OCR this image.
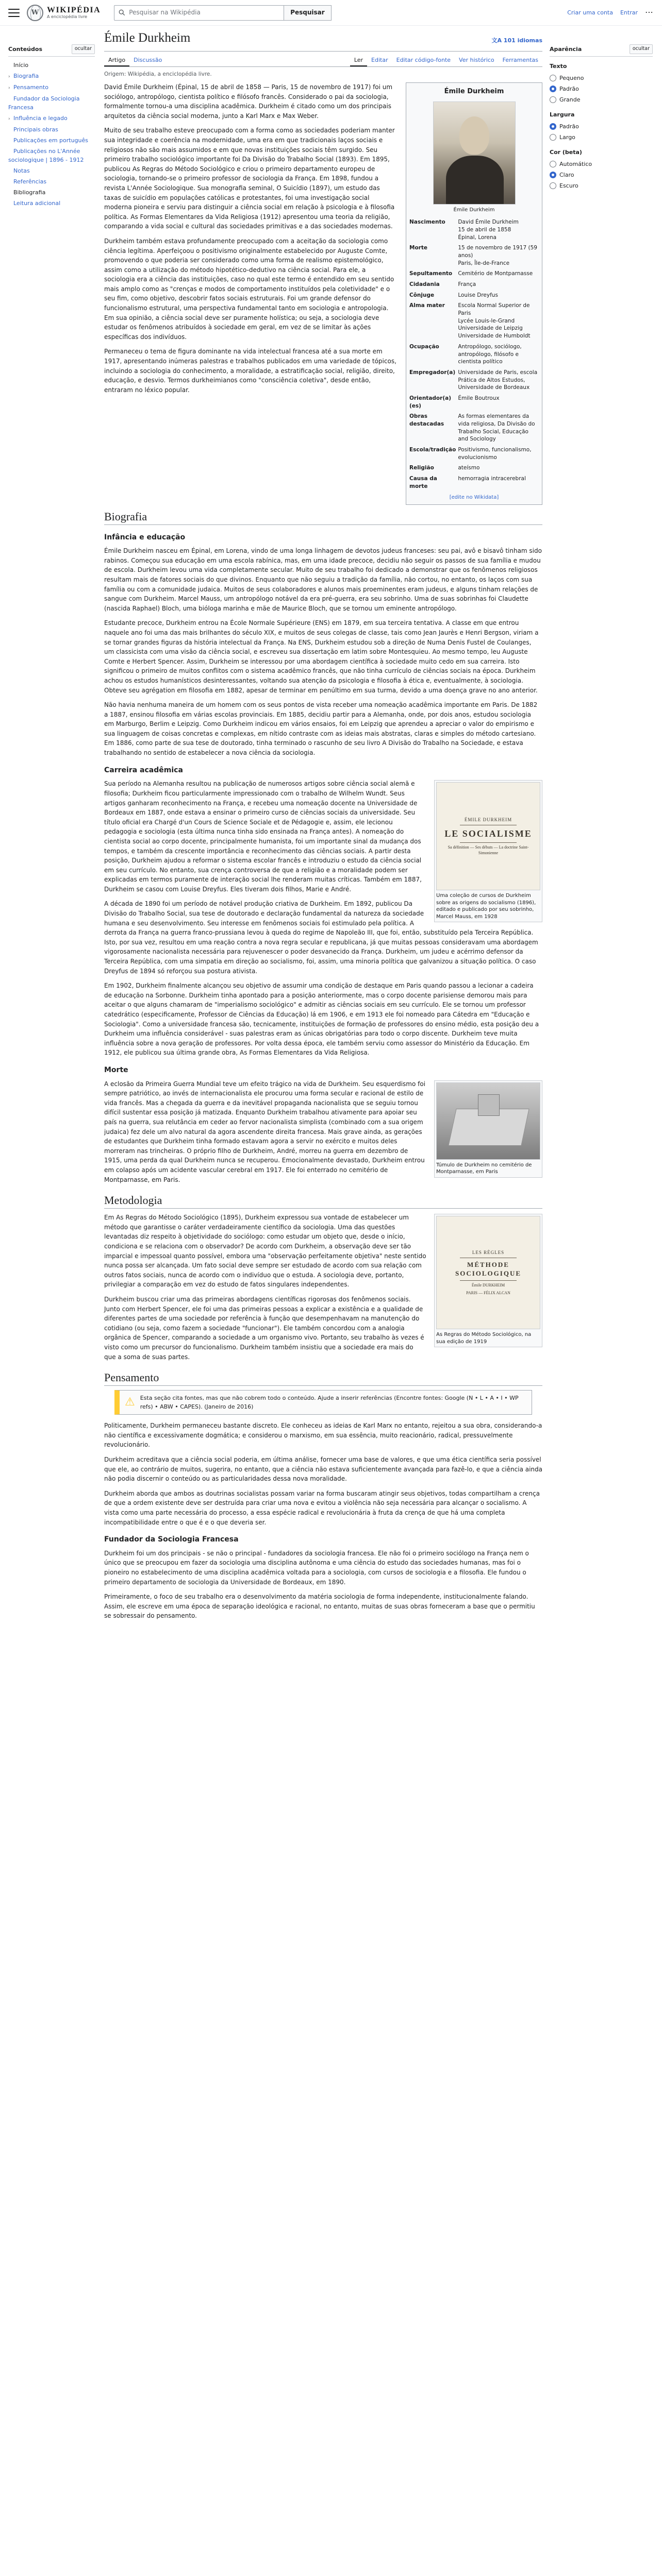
W
WIKIPÉDIA
A enciclopédia livre
Pesquisar na Wikipédia	Pesquisar	Criar uma conta Entrar ⋯
Conteúdos	ocultar
Início
› Biografia
› Pensamento
Fundador da Sociologia Francesa
› Influência e legado
Principais obras
Publicações em português
Publicações no L'Année sociologique | 1896 - 1912
Notas
Referências
Bibliografia
Leitura adicional
Émile Durkheim	文A 101 idiomas
Artigo	Discussão	Ler	Editar	Editar código-fonte	Ver histórico	Ferramentas
Origem: Wikipédia, a enciclopédia livre.
Aparência	ocultar
Texto
Pequeno
Padrão
Grande
Largura
Padrão
Largo
Cor (beta)
Automático
Claro
Escuro
Émile Durkheim
Émile Durkheim
Nascimento	David Émile Durkheim
15 de abril de 1858
Épinal, Lorena
Morte	15 de novembro de 1917 (59 anos)
Paris, Île-de-France
Sepultamento	Cemitério de Montparnasse
Cidadania	França
Cônjuge	Louise Dreyfus
Alma mater	Escola Normal Superior de Paris
Lycée Louis-le-Grand
Universidade de Leipzig
Universidade de Humboldt
Ocupação	Antropólogo, sociólogo, antropólogo, filósofo e cientista político
Empregador(a)	Universidade de Paris, escola Prática de Altos Estudos, Universidade de Bordeaux
Orientador(a)(es)	Émile Boutroux
Obras destacadas	As formas elementares da vida religiosa, Da Divisão do Trabalho Social, Educação and Sociology
Escola/tradição	Positivismo, funcionalismo, evolucionismo
Religião	ateísmo
Causa da morte	hemorragia intracerebral
[edite no Wikidata]

David Émile Durkheim (Épinal, 15 de abril de 1858 — Paris, 15 de novembro de 1917) foi um sociólogo, antropólogo, cientista político e filósofo francês. Considerado o pai da sociologia, formalmente tornou-a uma disciplina acadêmica. Durkheim é citado como um dos principais arquitetos da ciência social moderna, junto a Karl Marx e Max Weber.

Muito de seu trabalho esteve preocupado com a forma como as sociedades poderiam manter sua integridade e coerência na modernidade, uma era em que tradicionais laços sociais e religiosos não são mais assumidos e em que novas instituições sociais têm surgido. Seu primeiro trabalho sociológico importante foi Da Divisão do Trabalho Social (1893). Em 1895, publicou As Regras do Método Sociológico e criou o primeiro departamento europeu de sociologia, tornando-se o primeiro professor de sociologia da França. Em 1898, fundou a revista L'Année Sociologique. Sua monografia seminal, O Suicídio (1897), um estudo das taxas de suicídio em populações católicas e protestantes, foi uma investigação social moderna pioneira e serviu para distinguir a ciência social em relação à psicologia e à filosofia política. As Formas Elementares da Vida Religiosa (1912) apresentou uma teoria da religião, comparando a vida social e cultural das sociedades primitivas e a das sociedades modernas.

Durkheim também estava profundamente preocupado com a aceitação da sociologia como ciência legítima. Aperfeiçoou o positivismo originalmente estabelecido por Auguste Comte, promovendo o que poderia ser considerado como uma forma de realismo epistemológico, assim como a utilização do método hipotético-dedutivo na ciência social. Para ele, a sociologia era a ciência das instituições, caso no qual este termo é entendido em seu sentido mais amplo como as "crenças e modos de comportamento instituídos pela coletividade" e o seu fim, como objetivo, descobrir fatos sociais estruturais. Foi um grande defensor do funcionalismo estrutural, uma perspectiva fundamental tanto em sociologia e antropologia. Em sua opinião, a ciência social deve ser puramente holística; ou seja, a sociologia deve estudar os fenômenos atribuídos à sociedade em geral, em vez de se limitar às ações específicas dos indivíduos.

Permaneceu o tema de figura dominante na vida intelectual francesa até a sua morte em 1917, apresentando inúmeras palestras e trabalhos publicados em uma variedade de tópicos, incluindo a sociologia do conhecimento, a moralidade, a estratificação social, religião, direito, educação, e desvio. Termos durkheimianos como "consciência coletiva", desde então, entraram no léxico popular.

Biografia
Infância e educação

Émile Durkheim nasceu em Épinal, em Lorena, vindo de uma longa linhagem de devotos judeus franceses: seu pai, avô e bisavô tinham sido rabinos. Começou sua educação em uma escola rabínica, mas, em uma idade precoce, decidiu não seguir os passos de sua família e mudou de escola. Durkheim levou uma vida completamente secular. Muito de seu trabalho foi dedicado a demonstrar que os fenômenos religiosos resultam mais de fatores sociais do que divinos. Enquanto que não seguiu a tradição da família, não cortou, no entanto, os laços com sua família ou com a comunidade judaica. Muitos de seus colaboradores e alunos mais proeminentes eram judeus, e alguns tinham relações de sangue com Durkheim. Marcel Mauss, um antropólogo notável da era pré-guerra, era seu sobrinho. Uma de suas sobrinhas foi Claudette (nascida Raphael) Bloch, uma bióloga marinha e mãe de Maurice Bloch, que se tornou um eminente antropólogo.

Estudante precoce, Durkheim entrou na École Normale Supérieure (ENS) em 1879, em sua terceira tentativa. A classe em que entrou naquele ano foi uma das mais brilhantes do século XIX, e muitos de seus colegas de classe, tais como Jean Jaurès e Henri Bergson, viriam a se tornar grandes figuras da história intelectual da França. Na ENS, Durkheim estudou sob a direção de Numa Denis Fustel de Coulanges, um classicista com uma visão da ciência social, e escreveu sua dissertação em latim sobre Montesquieu. Ao mesmo tempo, leu Auguste Comte e Herbert Spencer. Assim, Durkheim se interessou por uma abordagem científica à sociedade muito cedo em sua carreira. Isto significou o primeiro de muitos conflitos com o sistema acadêmico francês, que não tinha currículo de ciências sociais na época. Durkheim achou os estudos humanísticos desinteressantes, voltando sua atenção da psicologia e filosofia à ética e, eventualmente, à sociologia. Obteve seu agrégation em filosofia em 1882, apesar de terminar em penúltimo em sua turma, devido a uma doença grave no ano anterior.

Não havia nenhuma maneira de um homem com os seus pontos de vista receber uma nomeação acadêmica importante em Paris. De 1882 a 1887, ensinou filosofia em várias escolas provinciais. Em 1885, decidiu partir para a Alemanha, onde, por dois anos, estudou sociologia em Marburgo, Berlim e Leipzig. Como Durkheim indicou em vários ensaios, foi em Leipzig que aprendeu a apreciar o valor do empirismo e sua linguagem de coisas concretas e complexas, em nítido contraste com as ideias mais abstratas, claras e simples do método cartesiano. Em 1886, como parte de sua tese de doutorado, tinha terminado o rascunho de seu livro A Divisão do Trabalho na Sociedade, e estava trabalhando no sentido de estabelecer a nova ciência da sociologia.

Carreira acadêmica
ÉMILE DURKHEIM
LE SOCIALISME
Sa définition — Ses débuts — La doctrine Saint-Simonienne
Uma coleção de cursos de Durkheim sobre as origens do socialismo (1896), editado e publicado por seu sobrinho, Marcel Mauss, em 1928

Sua período na Alemanha resultou na publicação de numerosos artigos sobre ciência social alemã e filosofia; Durkheim ficou particularmente impressionado com o trabalho de Wilhelm Wundt. Seus artigos ganharam reconhecimento na França, e recebeu uma nomeação docente na Universidade de Bordeaux em 1887, onde estava a ensinar o primeiro curso de ciências sociais da universidade. Seu título oficial era Chargé d'un Cours de Science Sociale et de Pédagogie e, assim, ele lecionou pedagogia e sociologia (esta última nunca tinha sido ensinada na França antes). A nomeação do cientista social ao corpo docente, principalmente humanista, foi um importante sinal da mudança dos tempos, e também da crescente importância e reconhecimento das ciências sociais. A partir desta posição, Durkheim ajudou a reformar o sistema escolar francês e introduziu o estudo da ciência social em seu currículo. No entanto, sua crença controversa de que a religião e a moralidade podem ser explicadas em termos puramente de interação social lhe renderam muitas críticas. Também em 1887, Durkheim se casou com Louise Dreyfus. Eles tiveram dois filhos, Marie e André.

A década de 1890 foi um período de notável produção criativa de Durkheim. Em 1892, publicou Da Divisão do Trabalho Social, sua tese de doutorado e declaração fundamental da natureza da sociedade humana e seu desenvolvimento. Seu interesse em fenômenos sociais foi estimulado pela política. A derrota da França na guerra franco-prussiana levou à queda do regime de Napoleão III, que foi, então, substituído pela Terceira República. Isto, por sua vez, resultou em uma reação contra a nova regra secular e republicana, já que muitas pessoas consideravam uma abordagem vigorosamente nacionalista necessária para rejuvenescer o poder desvanecido da França. Durkheim, um judeu e acérrimo defensor da Terceira República, com uma simpatia em direção ao socialismo, foi, assim, uma minoria política que galvanizou a situação política. O caso Dreyfus de 1894 só reforçou sua postura ativista.

Em 1902, Durkheim finalmente alcançou seu objetivo de assumir uma condição de destaque em Paris quando passou a lecionar a cadeira de educação na Sorbonne. Durkheim tinha apontado para a posição anteriormente, mas o corpo docente parisiense demorou mais para aceitar o que alguns chamaram de "imperialismo sociológico" e admitir as ciências sociais em seu currículo. Ele se tornou um professor catedrático (especificamente, Professor de Ciências da Educação) lá em 1906, e em 1913 ele foi nomeado para Cátedra em "Educação e Sociologia". Como a universidade francesa são, tecnicamente, instituições de formação de professores do ensino médio, esta posição deu a Durkheim uma influência considerável - suas palestras eram as únicas obrigatórias para todo o corpo discente. Durkheim teve muita influência sobre a nova geração de professores. Por volta dessa época, ele também serviu como assessor do Ministério da Educação. Em 1912, ele publicou sua última grande obra, As Formas Elementares da Vida Religiosa.

Morte
Túmulo de Durkheim no cemitério de Montparnasse, em Paris

A eclosão da Primeira Guerra Mundial teve um efeito trágico na vida de Durkheim. Seu esquerdismo foi sempre patriótico, ao invés de internacionalista ele procurou uma forma secular e racional de estilo de vida francês. Mas a chegada da guerra e da inevitável propaganda nacionalista que se seguiu tornou difícil sustentar essa posição já matizada. Enquanto Durkheim trabalhou ativamente para apoiar seu país na guerra, sua relutância em ceder ao fervor nacionalista simplista (combinado com a sua origem judaica) fez dele um alvo natural da agora ascendente direita francesa. Mais grave ainda, as gerações de estudantes que Durkheim tinha formado estavam agora a servir no exército e muitos deles morreram nas trincheiras. O próprio filho de Durkheim, André, morreu na guerra em dezembro de 1915, uma perda da qual Durkheim nunca se recuperou. Emocionalmente devastado, Durkheim entrou em colapso após um acidente vascular cerebral em 1917. Ele foi enterrado no cemitério de Montparnasse, em Paris.

Metodologia
LES RÈGLES
MÉTHODE SOCIOLOGIQUE
Émile DURKHEIM
PARIS — FÉLIX ALCAN
As Regras do Método Sociológico, na sua edição de 1919

Em As Regras do Método Sociológico (1895), Durkheim expressou sua vontade de estabelecer um método que garantisse o caráter verdadeiramente científico da sociologia. Uma das questões levantadas diz respeito à objetividade do sociólogo: como estudar um objeto que, desde o início, condiciona e se relaciona com o observador? De acordo com Durkheim, a observação deve ser tão imparcial e impessoal quanto possível, embora uma "observação perfeitamente objetiva" neste sentido nunca possa ser alcançada. Um fato social deve sempre ser estudado de acordo com sua relação com outros fatos sociais, nunca de acordo com o indivíduo que o estuda. A sociologia deve, portanto, privilegiar a comparação em vez do estudo de fatos singulares independentes.

Durkheim buscou criar uma das primeiras abordagens científicas rigorosas dos fenômenos sociais. Junto com Herbert Spencer, ele foi uma das primeiras pessoas a explicar a existência e a qualidade de diferentes partes de uma sociedade por referência à função que desempenhavam na manutenção do cotidiano (ou seja, como fazem a sociedade "funcionar"). Ele também concordou com a analogia orgânica de Spencer, comparando a sociedade a um organismo vivo. Portanto, seu trabalho às vezes é visto como um precursor do funcionalismo. Durkheim também insistiu que a sociedade era mais do que a soma de suas partes.

Pensamento
⚠ Esta seção cita fontes, mas que não cobrem todo o conteúdo. Ajude a inserir referências (Encontre fontes: Google (N • L • A • I • WP refs) • ABW • CAPES). (Janeiro de 2016)

Politicamente, Durkheim permaneceu bastante discreto. Ele conheceu as ideias de Karl Marx no entanto, rejeitou a sua obra, considerando-a não científica e excessivamente dogmática; e considerou o marxismo, em sua essência, muito reacionário, radical, pressuvelmente revolucionário.

Durkheim acreditava que a ciência social poderia, em última análise, fornecer uma base de valores, e que uma ética científica seria possível que ele, ao contrário de muitos, sugerira, no entanto, que a ciência não estava suficientemente avançada para fazê-lo, e que a ciência ainda não podia discernir o conteúdo ou as particularidades dessa nova moralidade.

Durkheim aborda que ambos as doutrinas socialistas possam variar na forma buscaram atingir seus objetivos, todas compartilham a crença de que a ordem existente deve ser destruída para criar uma nova e evitou a violência não seja necessária para alcançar o socialismo. A vista como uma parte necessária do processo, a essa espécie radical e revolucionária à fruta da crença de que há uma completa incompatibilidade entre o que é e o que deveria ser.

Fundador da Sociologia Francesa

Durkheim foi um dos principais - se não o principal - fundadores da sociologia francesa. Ele não foi o primeiro sociólogo na França nem o único que se preocupou em fazer da sociologia uma disciplina autônoma e uma ciência do estudo das sociedades humanas, mas foi o pioneiro no estabelecimento de uma disciplina acadêmica voltada para a sociologia, com cursos de sociologia e a filosofia. Ele fundou o primeiro departamento de sociologia da Universidade de Bordeaux, em 1890.

Primeiramente, o foco de seu trabalho era o desenvolvimento da matéria sociologia de forma independente, institucionalmente falando. Assim, ele escreve em uma época de separação ideológica e racional, no entanto, muitas de suas obras forneceram a base que o permitiu se sobressair do pensamento.
